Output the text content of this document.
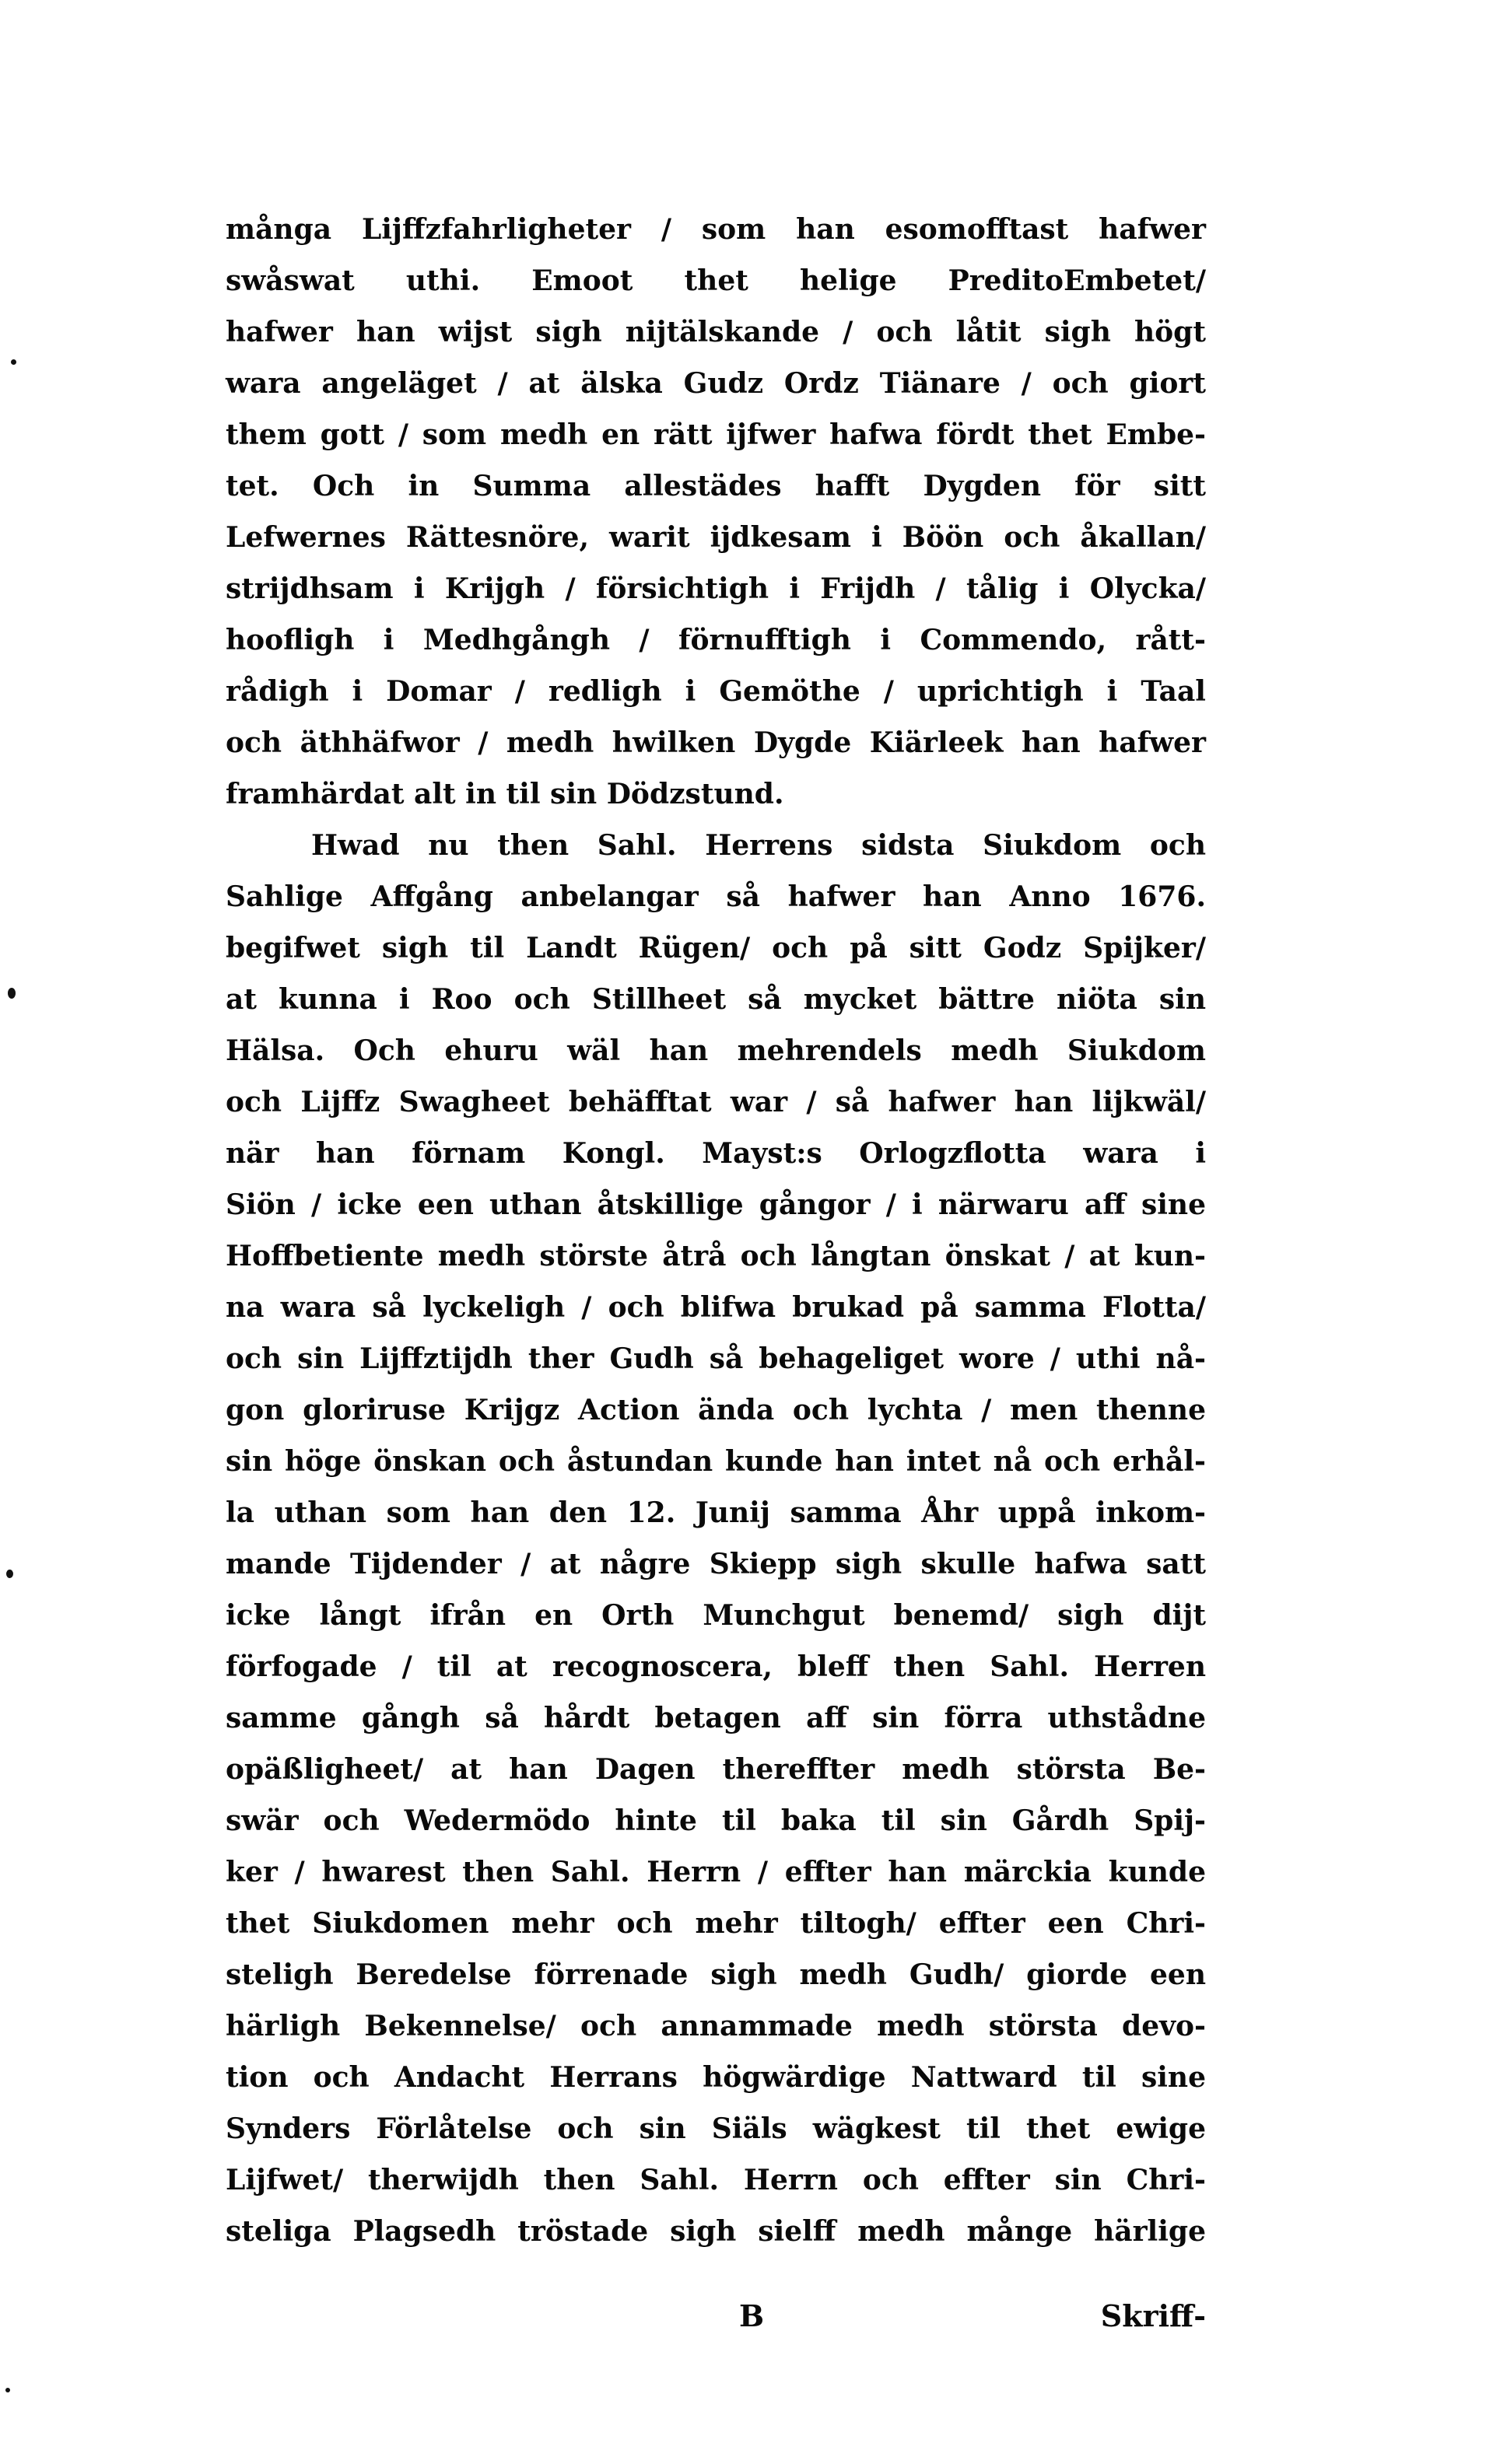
många Lijffzfahrligheter / som han esomofftast hafwer
swåswat uthi. Emoot thet helige PreditoEmbetet/
hafwer han wijst sigh nijtälskande / och låtit sigh högt
wara angeläget / at älska Gudz Ordz Tiänare / och giort
them gott / som medh en rätt ijfwer hafwa fördt thet Embe-
tet. Och in Summa allestädes hafft Dygden för sitt
Lefwernes Rättesnöre, warit ijdkesam i Böön och åkallan/
strijdhsam i Krijgh / försichtigh i Frijdh / tålig i Olycka/
hoofligh i Medhgångh / förnufftigh i Commendo, rått-
rådigh i Domar / redligh i Gemöthe / uprichtigh i Taal
och äthhäfwor / medh hwilken Dygde Kiärleek han hafwer
framhärdat alt in til sin Dödzstund.
Hwad nu then Sahl. Herrens sidsta Siukdom och
Sahlige Affgång anbelangar så hafwer han Anno 1676.
begifwet sigh til Landt Rügen/ och på sitt Godz Spijker/
at kunna i Roo och Stillheet så mycket bättre niöta sin
Hälsa. Och ehuru wäl han mehrendels medh Siukdom
och Lijffz Swagheet behäfftat war / så hafwer han lijkwäl/
när han förnam Kongl. Mayst:s Orlogzflotta wara i
Siön / icke een uthan åtskillige gångor / i närwaru aff sine
Hoffbetiente medh störste åtrå och långtan önskat / at kun-
na wara så lyckeligh / och blifwa brukad på samma Flotta/
och sin Lijffztijdh ther Gudh så behageliget wore / uthi nå-
gon gloriruse Krijgz Action ända och lychta / men thenne
sin höge önskan och åstundan kunde han intet nå och erhål-
la uthan som han den 12. Junij samma Åhr uppå inkom-
mande Tijdender / at någre Skiepp sigh skulle hafwa satt
icke långt ifrån en Orth Munchgut benemd/ sigh dijt
förfogade / til at recognoscera, bleff then Sahl. Herren
samme gångh så hårdt betagen aff sin förra uthstådne
opäßligheet/ at han Dagen thereffter medh största Be-
swär och Wedermödo hinte til baka til sin Gårdh Spij-
ker / hwarest then Sahl. Herrn / effter han märckia kunde
thet Siukdomen mehr och mehr tiltogh/ effter een Chri-
steligh Beredelse förrenade sigh medh Gudh/ giorde een
härligh Bekennelse/ och annammade medh största devo-
tion och Andacht Herrans högwärdige Nattward til sine
Synders Förlåtelse och sin Siäls wägkest til thet ewige
Lijfwet/ therwijdh then Sahl. Herrn och effter sin Chri-
steliga Plagsedh tröstade sigh sielff medh månge härlige
B	Skriff-
